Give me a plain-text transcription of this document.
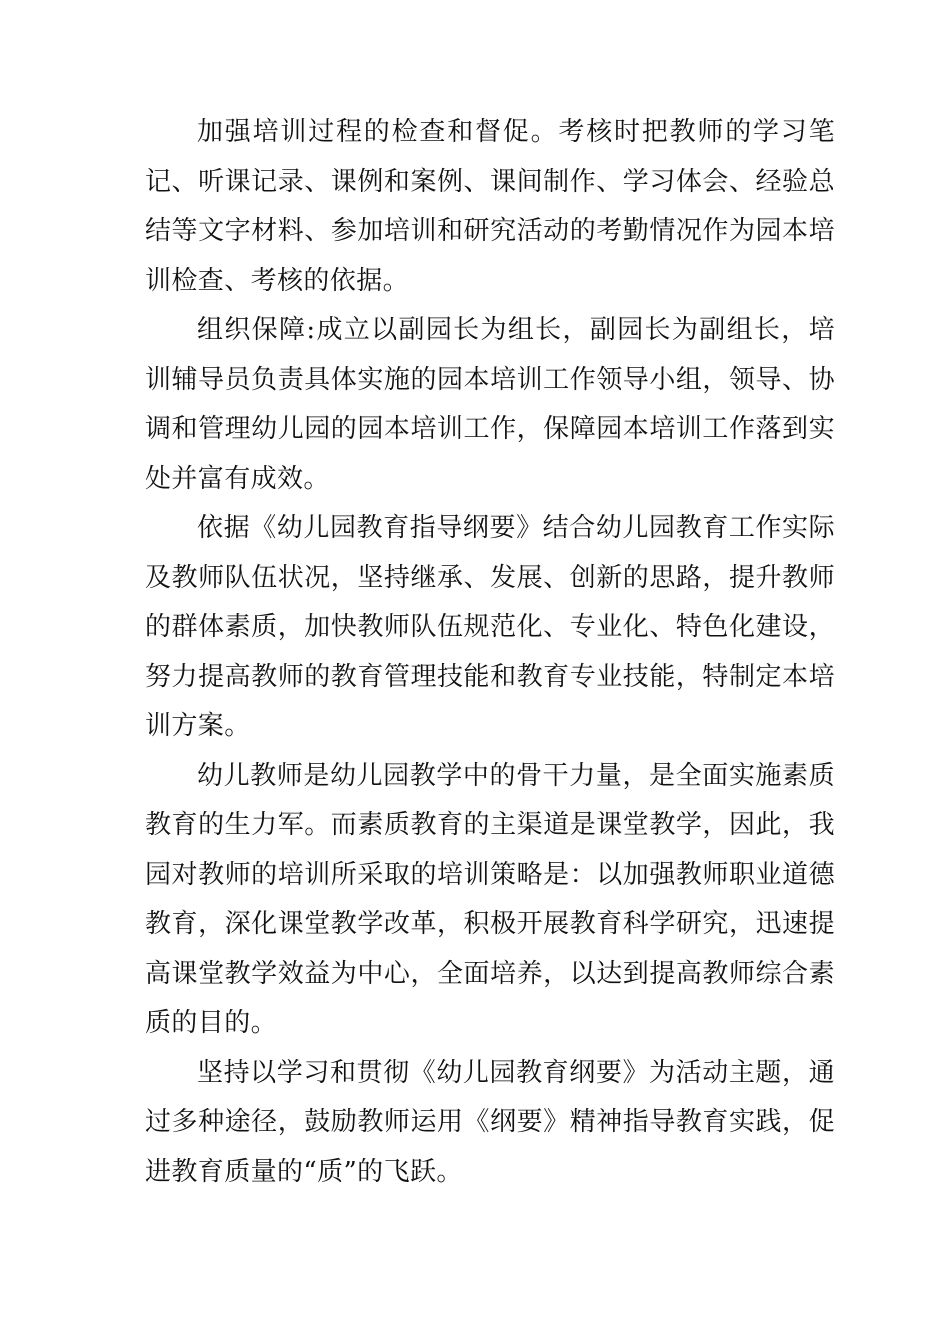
加强培训过程的检查和督促。考核时把教师的学习笔记、听课记录、课例和案例、课间制作、学习体会、经验总结等文字材料、参加培训和研究活动的考勤情况作为园本培训检查、考核的依据。

组织保障:成立以副园长为组长，副园长为副组长，培训辅导员负责具体实施的园本培训工作领导小组，领导、协调和管理幼儿园的园本培训工作，保障园本培训工作落到实处并富有成效。

依据《幼儿园教育指导纲要》结合幼儿园教育工作实际及教师队伍状况，坚持继承、发展、创新的思路，提升教师的群体素质，加快教师队伍规范化、专业化、特色化建设，努力提高教师的教育管理技能和教育专业技能，特制定本培训方案。

幼儿教师是幼儿园教学中的骨干力量，是全面实施素质教育的生力军。而素质教育的主渠道是课堂教学，因此，我园对教师的培训所采取的培训策略是：以加强教师职业道德教育，深化课堂教学改革，积极开展教育科学研究，迅速提高课堂教学效益为中心，全面培养，以达到提高教师综合素质的目的。

坚持以学习和贯彻《幼儿园教育纲要》为活动主题，通过多种途径，鼓励教师运用《纲要》精神指导教育实践，促进教育质量的“质”的飞跃。
